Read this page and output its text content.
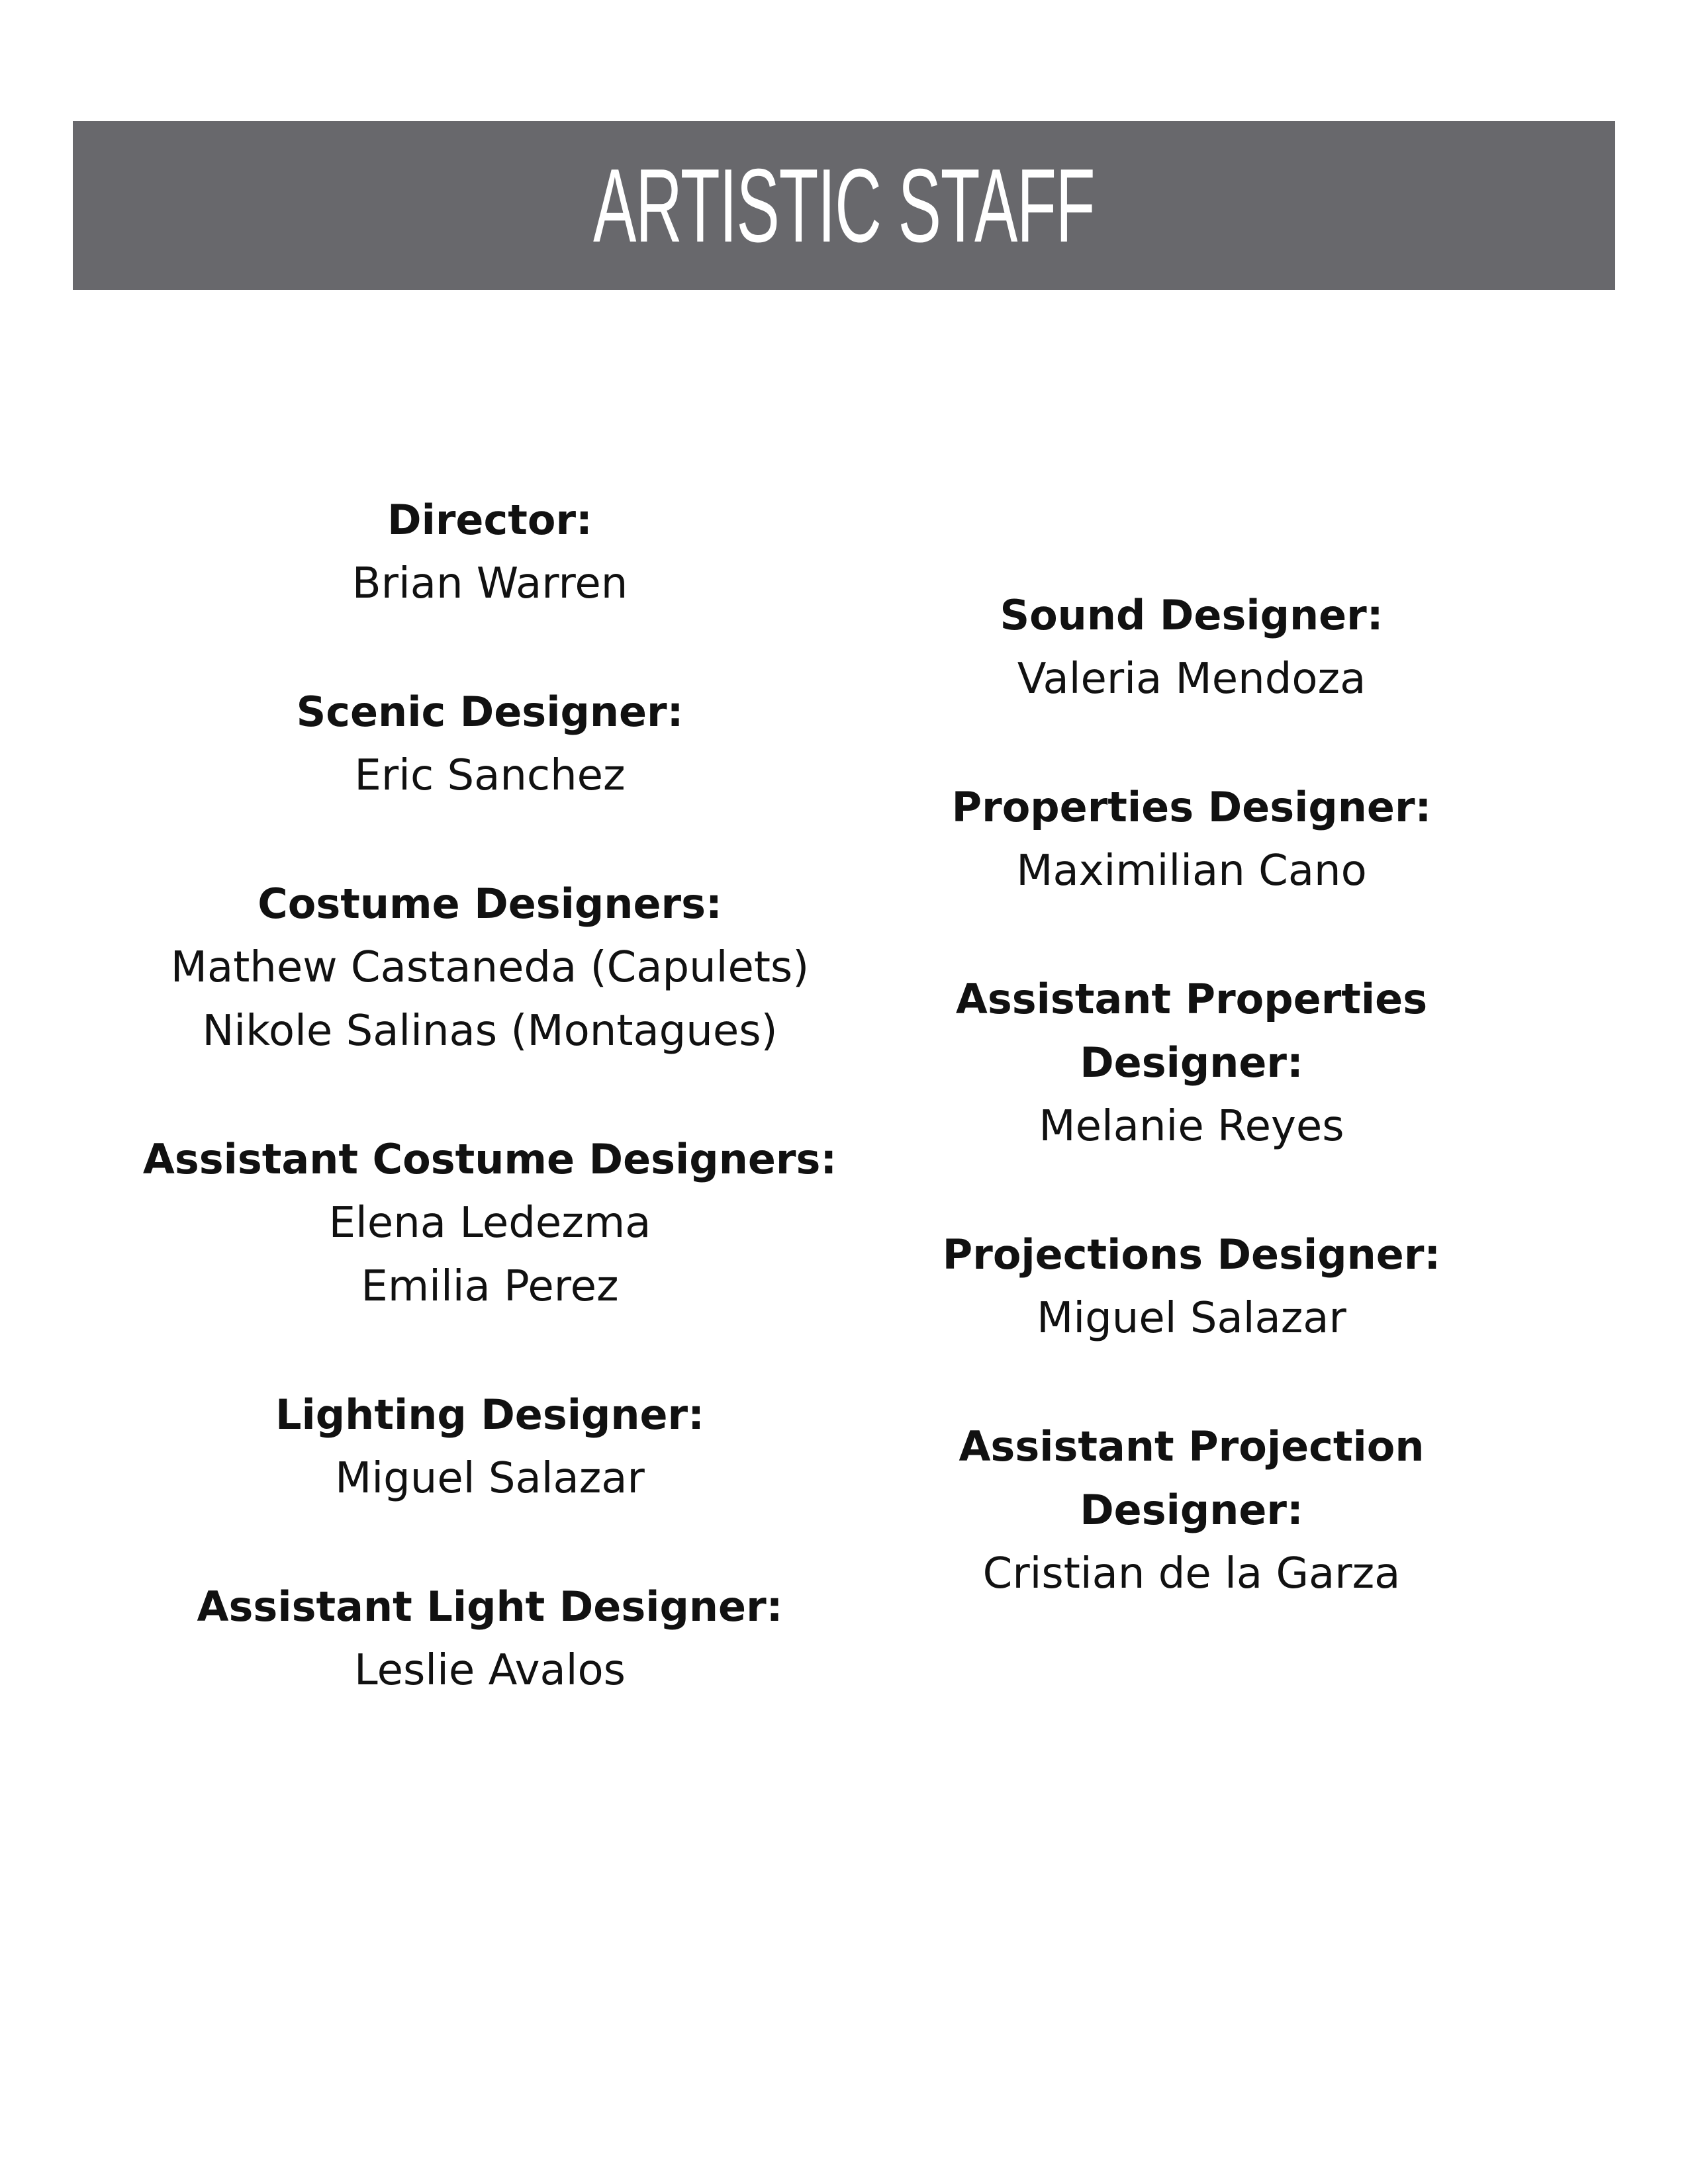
ARTISTIC STAFF

Director:

Brian Warren

Scenic Designer:

Eric Sanchez

Costume Designers:

Mathew Castaneda (Capulets)

Nikole Salinas (Montagues)

Assistant Costume Designers:

Elena Ledezma

Emilia Perez

Lighting Designer:

Miguel Salazar

Assistant Light Designer:

Leslie Avalos

Sound Designer:

Valeria Mendoza

Properties Designer:

Maximilian Cano

Assistant Properties

Designer:

Melanie Reyes

Projections Designer:

Miguel Salazar

Assistant Projection

Designer:

Cristian de la Garza
